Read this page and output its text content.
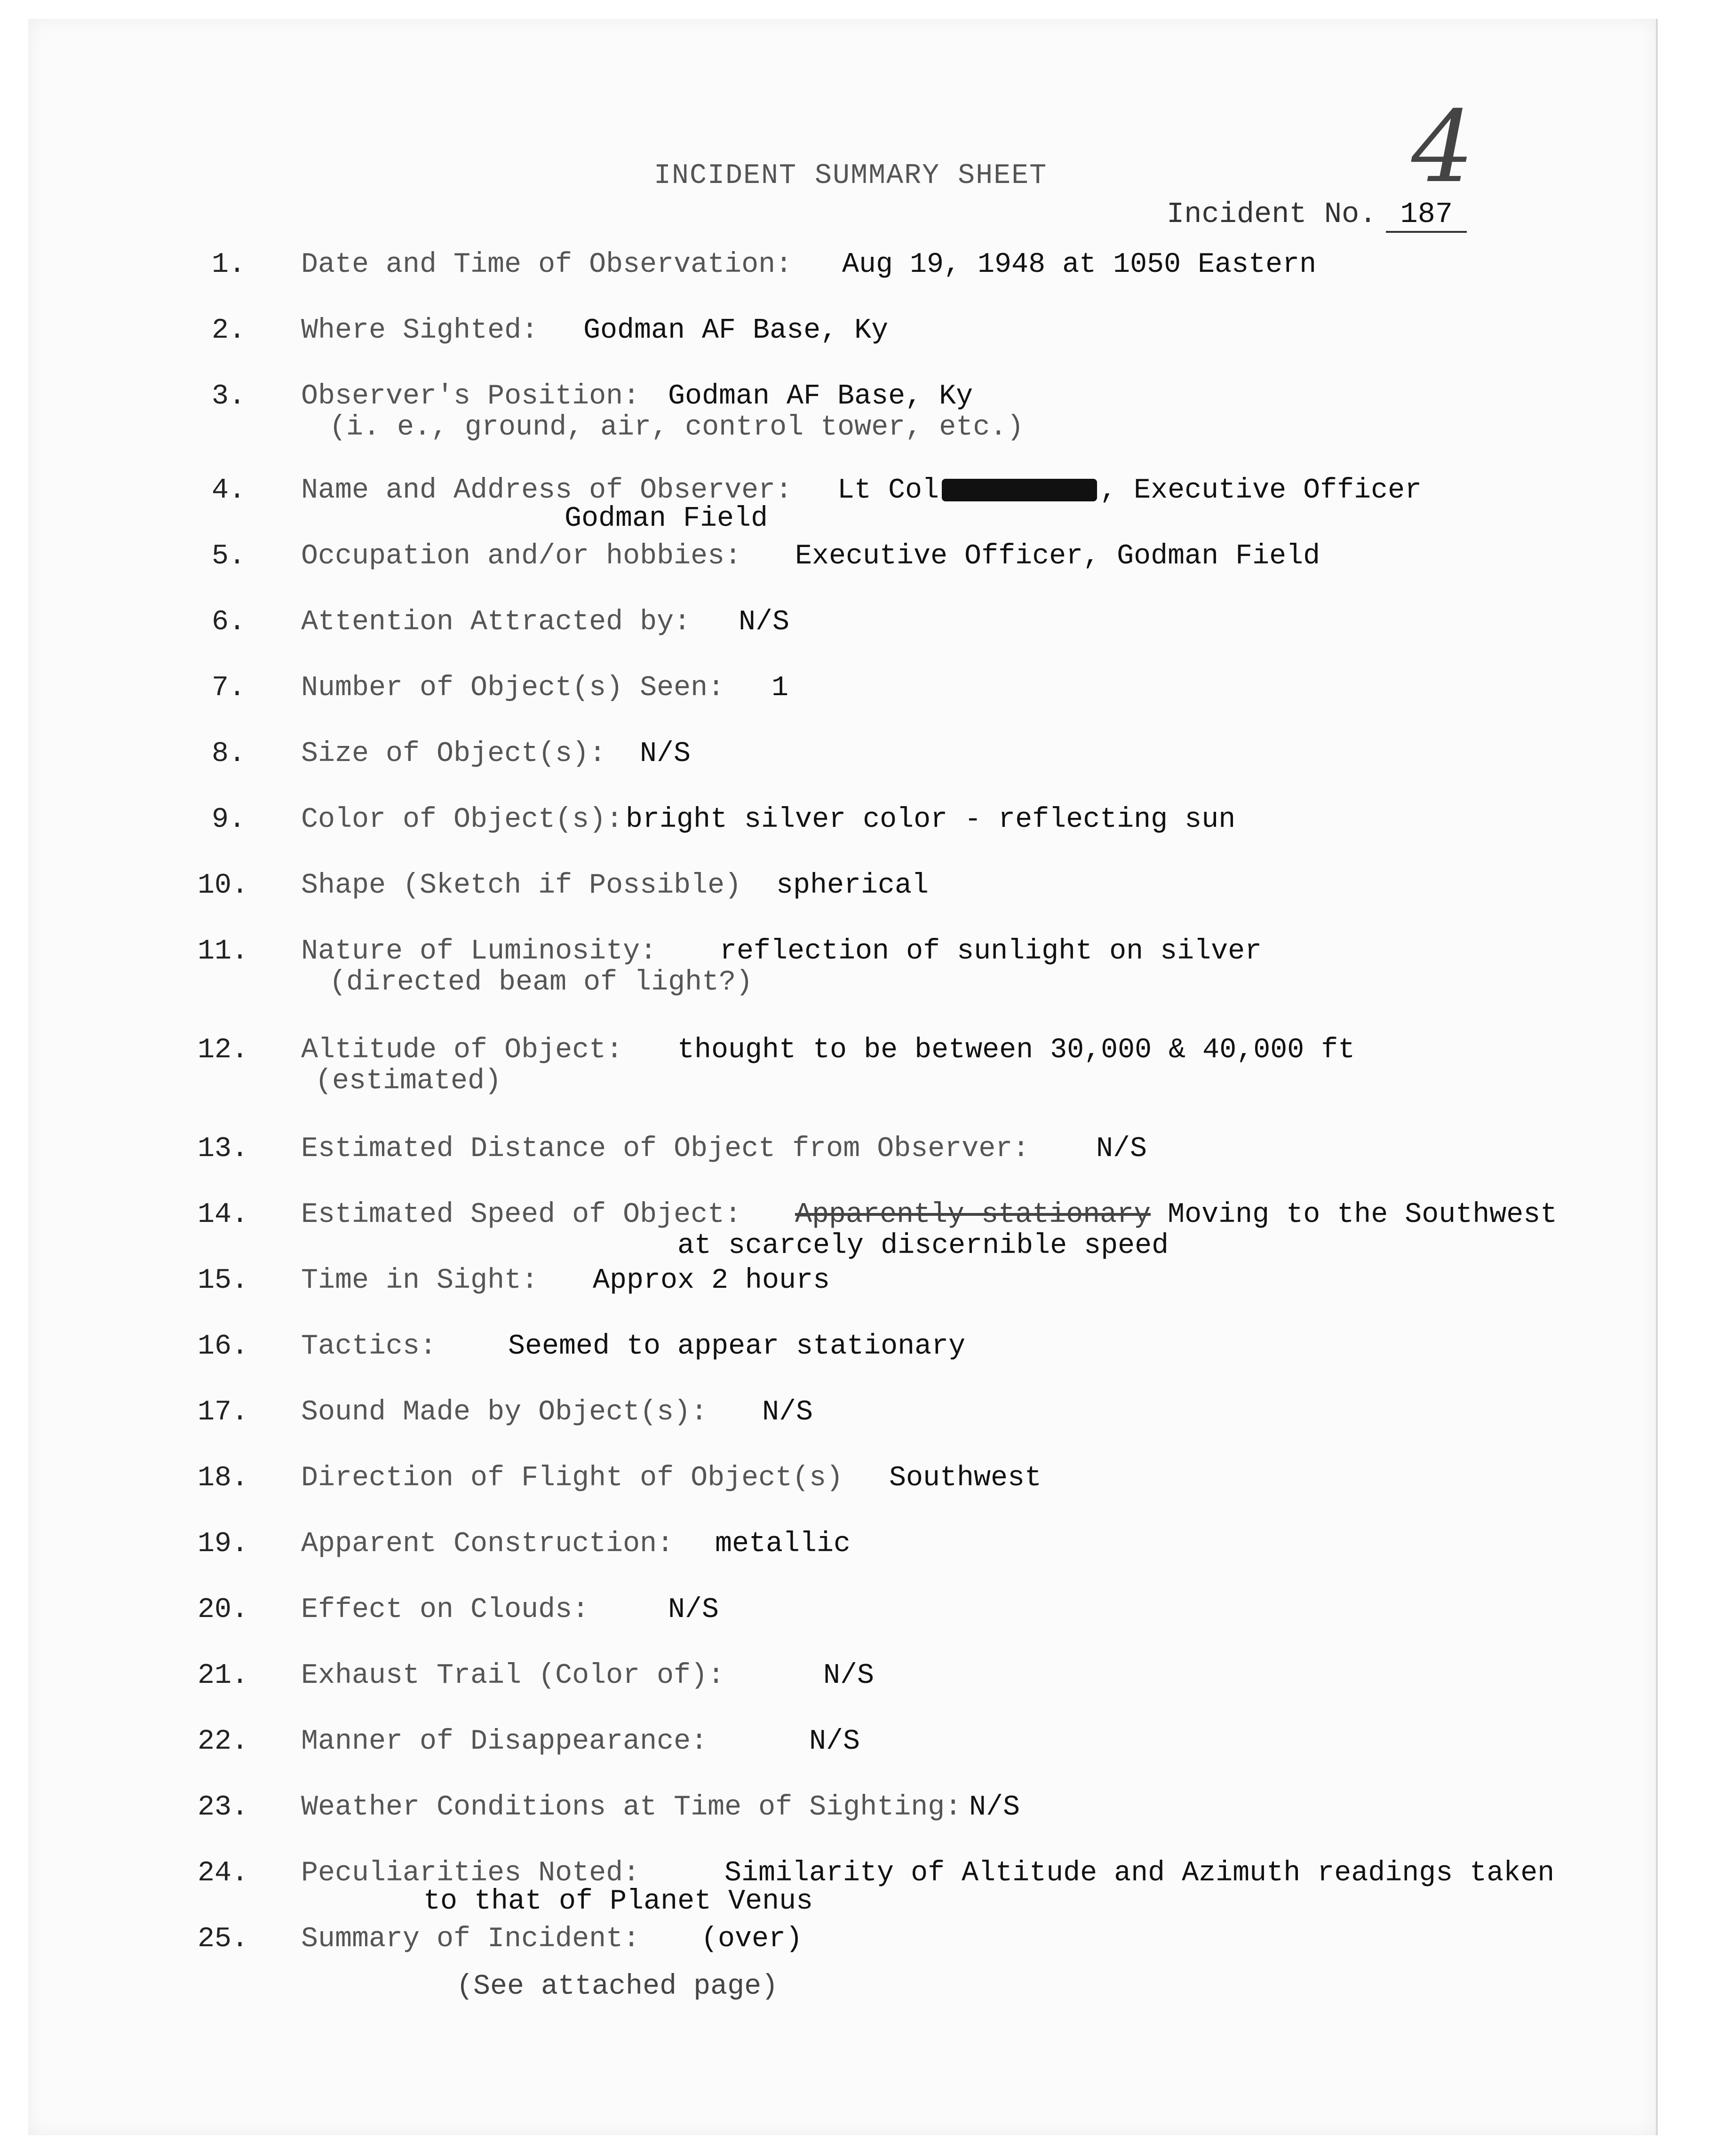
INCIDENT SUMMARY SHEET	4
Incident No. 187
1. Date and Time of Observation: Aug 19, 1948 at 1050 Eastern
2. Where Sighted: Godman AF Base, Ky
3. Observer's Position: Godman AF Base, Ky
(i. e., ground, air, control tower, etc.)
4. Name and Address of Observer: Lt Col	, Executive Officer
Godman Field
5. Occupation and/or hobbies: Executive Officer, Godman Field
6. Attention Attracted by: N/S
7. Number of Object(s) Seen: 1
8. Size of Object(s): N/S
9. Color of Object(s): bright silver color - reflecting sun
10. Shape (Sketch if Possible) spherical
11. Nature of Luminosity: reflection of sunlight on silver
(directed beam of light?)
12. Altitude of Object: thought to be between 30,000 & 40,000 ft
(estimated)
13. Estimated Distance of Object from Observer: N/S
14. Estimated Speed of Object: Apparently stationary Moving to the Southwest
at scarcely discernible speed
15. Time in Sight: Approx 2 hours
16. Tactics:	Seemed to appear stationary
17. Sound Made by Object(s): N/S
18. Direction of Flight of Object(s) Southwest
19. Apparent Construction: metallic
20. Effect on Clouds:	N/S
21. Exhaust Trail (Color of):	N/S
22. Manner of Disappearance:	N/S
23. Weather Conditions at Time of Sighting: N/S
24. Peculiarities Noted:	Similarity of Altitude and Azimuth readings taken
to that of Planet Venus
25. Summary of Incident: (over)
(See attached page)
